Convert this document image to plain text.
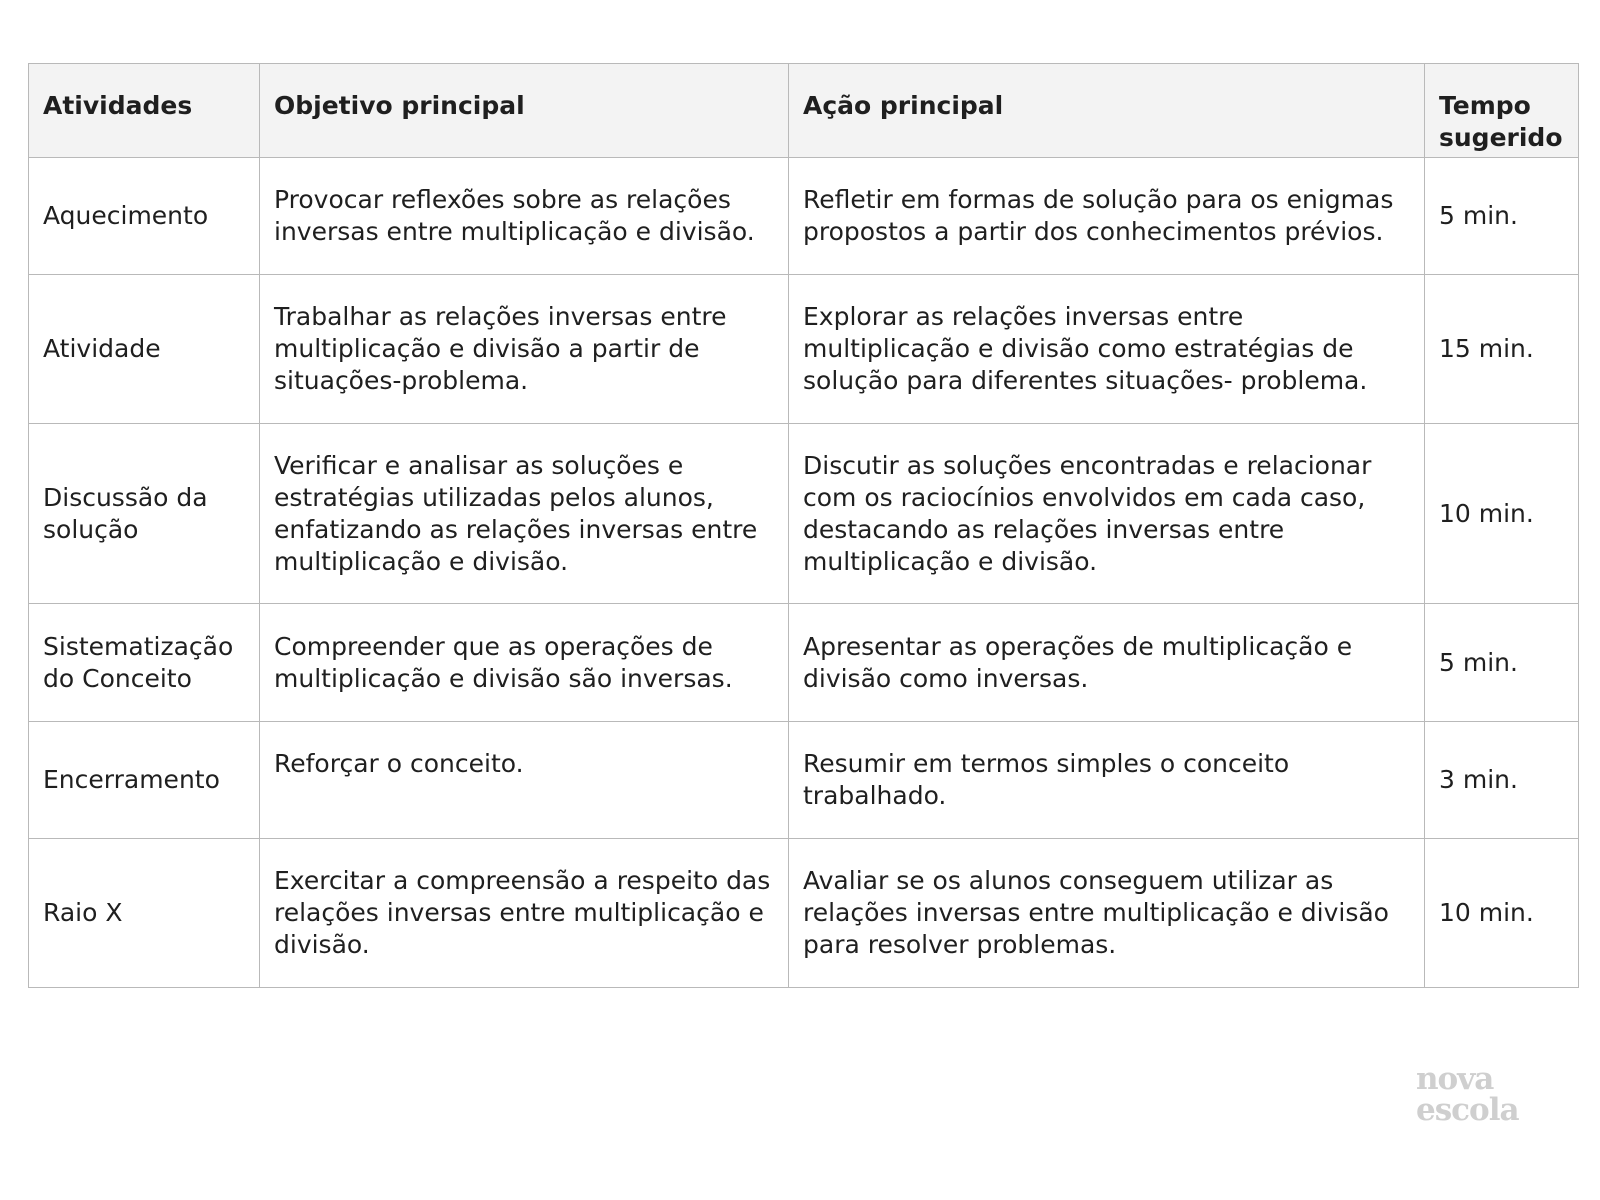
Atividades	Objetivo principal	Ação principal	Tempo sugerido
Aquecimento	Provocar reflexões sobre as relações inversas entre multiplicação e divisão.	Refletir em formas de solução para os enigmas propostos a partir dos conhecimentos prévios.	5 min.
Atividade	Trabalhar as relações inversas entre multiplicação e divisão a partir de situações-problema.	Explorar as relações inversas entre multiplicação e divisão como estratégias de solução para diferentes situações- problema.	15 min.
Discussão da solução	Verificar e analisar as soluções e estratégias utilizadas pelos alunos, enfatizando as relações inversas entre multiplicação e divisão.	Discutir as soluções encontradas e relacionar com os raciocínios envolvidos em cada caso, destacando as relações inversas entre multiplicação e divisão.	10 min.
Sistematização do Conceito	Compreender que as operações de multiplicação e divisão são inversas.	Apresentar as operações de multiplicação e divisão como inversas.	5 min.
Encerramento	Reforçar o conceito.	Resumir em termos simples o conceito trabalhado.	3 min.
Raio X	Exercitar a compreensão a respeito das relações inversas entre multiplicação e divisão.	Avaliar se os alunos conseguem utilizar as relações inversas entre multiplicação e divisão para resolver problemas.	10 min.
nova
escola
